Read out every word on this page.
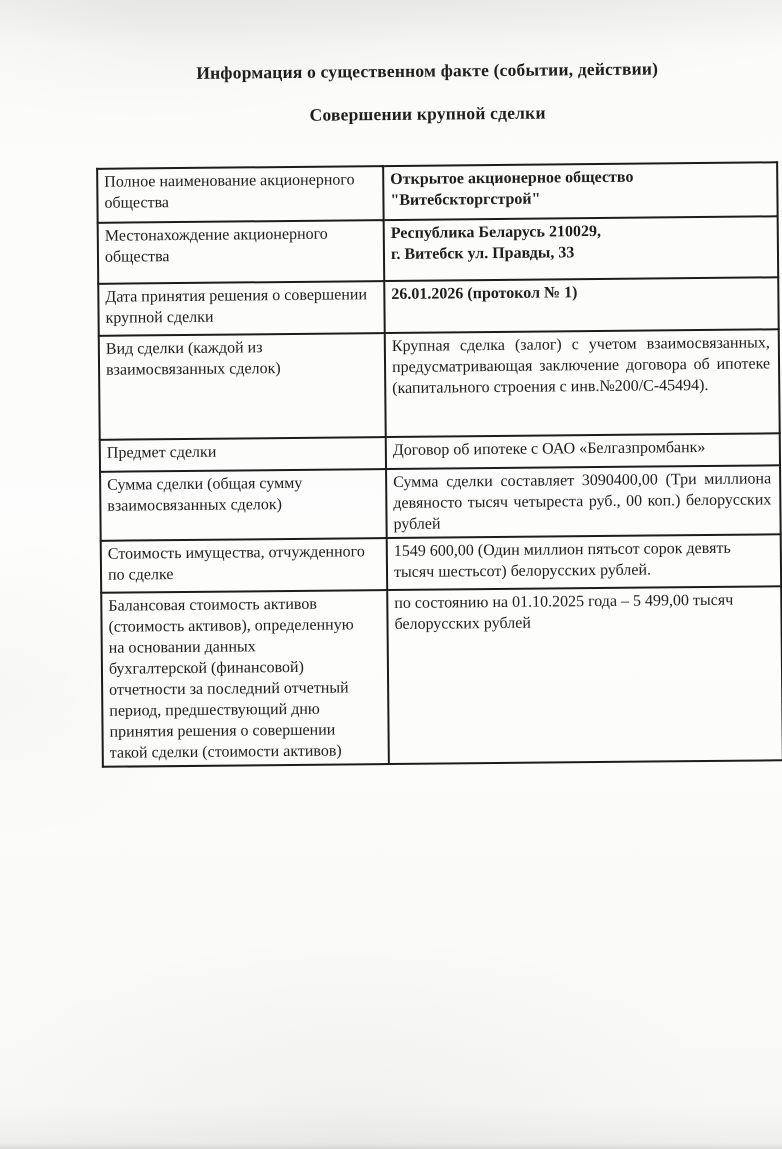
Информация о существенном факте (событии, действии)
Совершении крупной сделки
Полное наименование акционерного
общества	Открытое акционерное общество
"Витебскторгстрой"
Местонахождение акционерного
общества	Республика Беларусь 210029,
г. Витебск ул. Правды, 33
Дата принятия решения о совершении
крупной сделки	26.01.2026 (протокол № 1)
Вид сделки (каждой из
взаимосвязанных сделок)	Крупная сделка (залог) с учетом взаимосвязанных, предусматривающая заключение договора об ипотеке (капитального строения с инв.№200/С-45494).
Предмет сделки	Договор об ипотеке с ОАО «Белгазпромбанк»
Сумма сделки (общая сумму
взаимосвязанных сделок)	Сумма сделки составляет 3090400,00 (Три миллиона девяносто тысяч четыреста руб., 00 коп.) белорусских рублей
Стоимость имущества, отчужденного
по сделке	1549 600,00 (Один миллион пятьсот сорок девять тысяч шестьсот) белорусских рублей.
Балансовая стоимость активов
(стоимость активов), определенную
на основании данных
бухгалтерской (финансовой)
отчетности за последний отчетный
период, предшествующий дню
принятия решения о совершении
такой сделки (стоимости активов)	по состоянию на 01.10.2025 года – 5 499,00 тысяч белорусских рублей
